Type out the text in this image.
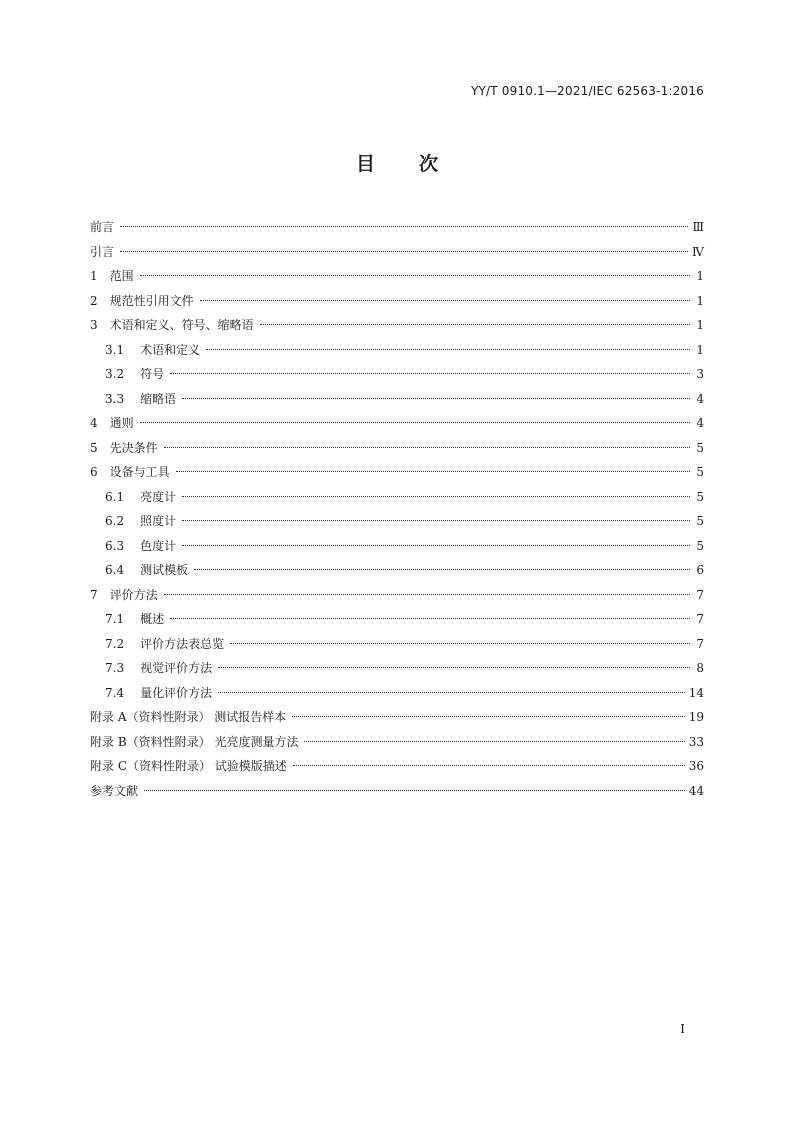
YY/T 0910.1—2021/IEC 62563-1:2016
目次
前言	Ⅲ
引言	Ⅳ
1 范围	1
2 规范性引用文件	1
3 术语和定义、符号、缩略语	1
3.1 术语和定义	1
3.2 符号	3
3.3 缩略语	4
4 通则	4
5 先决条件	5
6 设备与工具	5
6.1 亮度计	5
6.2 照度计	5
6.3 色度计	5
6.4 测试模板	6
7 评价方法	7
7.1 概述	7
7.2 评价方法表总览	7
7.3 视觉评价方法	8
7.4 量化评价方法	14
附录 A（资料性附录） 测试报告样本	19
附录 B（资料性附录） 光亮度测量方法	33
附录 C（资料性附录） 试验模版描述	36
参考文献	44
Ⅰ
